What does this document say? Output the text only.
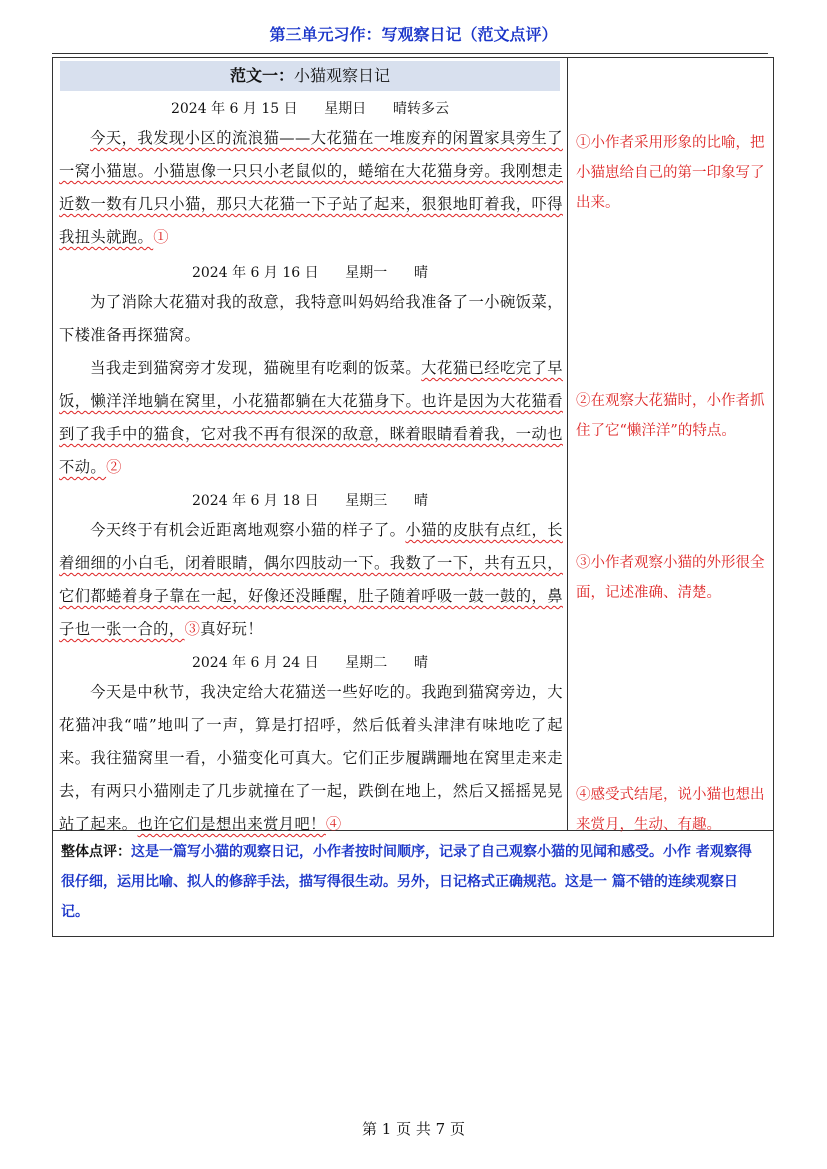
第三单元习作：写观察日记（范文点评）
范文一：小猫观察日记
2024 年 6 月 15 日      星期日      晴转多云

今天，我发现小区的流浪猫——大花猫在一堆废弃的闲置家具旁生了一窝小猫崽。小猫崽像一只只小老鼠似的，蜷缩在大花猫身旁。我刚想走近数一数有几只小猫，那只大花猫一下子站了起来，狠狠地盯着我，吓得我扭头就跑。①

2024 年 6 月 16 日      星期一      晴

为了消除大花猫对我的敌意，我特意叫妈妈给我准备了一小碗饭菜，下楼准备再探猫窝。

当我走到猫窝旁才发现，猫碗里有吃剩的饭菜。大花猫已经吃完了早饭，懒洋洋地躺在窝里，小花猫都躺在大花猫身下。也许是因为大花猫看到了我手中的猫食，它对我不再有很深的敌意，眯着眼睛看着我，一动也不动。②

2024 年 6 月 18 日      星期三      晴

今天终于有机会近距离地观察小猫的样子了。小猫的皮肤有点红，长着细细的小白毛，闭着眼睛，偶尔四肢动一下。我数了一下，共有五只，它们都蜷着身子靠在一起，好像还没睡醒，肚子随着呼吸一鼓一鼓的，鼻子也一张一合的，③真好玩！

2024 年 6 月 24 日      星期二      晴

今天是中秋节，我决定给大花猫送一些好吃的。我跑到猫窝旁边，大花猫冲我“喵”地叫了一声，算是打招呼，然后低着头津津有味地吃了起来。我往猫窝里一看，小猫变化可真大。它们正步履蹒跚地在窝里走来走去，有两只小猫刚走了几步就撞在了一起，跌倒在地上，然后又摇摇晃晃站了起来。也许它们是想出来赏月吧！④

①小作者采用形象的比喻，把小猫崽给自己的第一印象写了出来。

②在观察大花猫时，小作者抓住了它“懒洋洋”的特点。

③小作者观察小猫的外形很全面，记述准确、清楚。

④感受式结尾，说小猫也想出来赏月，生动、有趣。

整体点评：这是一篇写小猫的观察日记，小作者按时间顺序，记录了自己观察小猫的见闻和感受。小作 者观察得很仔细，运用比喻、拟人的修辞手法，描写得很生动。另外，日记格式正确规范。这是一 篇不错的连续观察日记。

第 1 页 共 7 页
